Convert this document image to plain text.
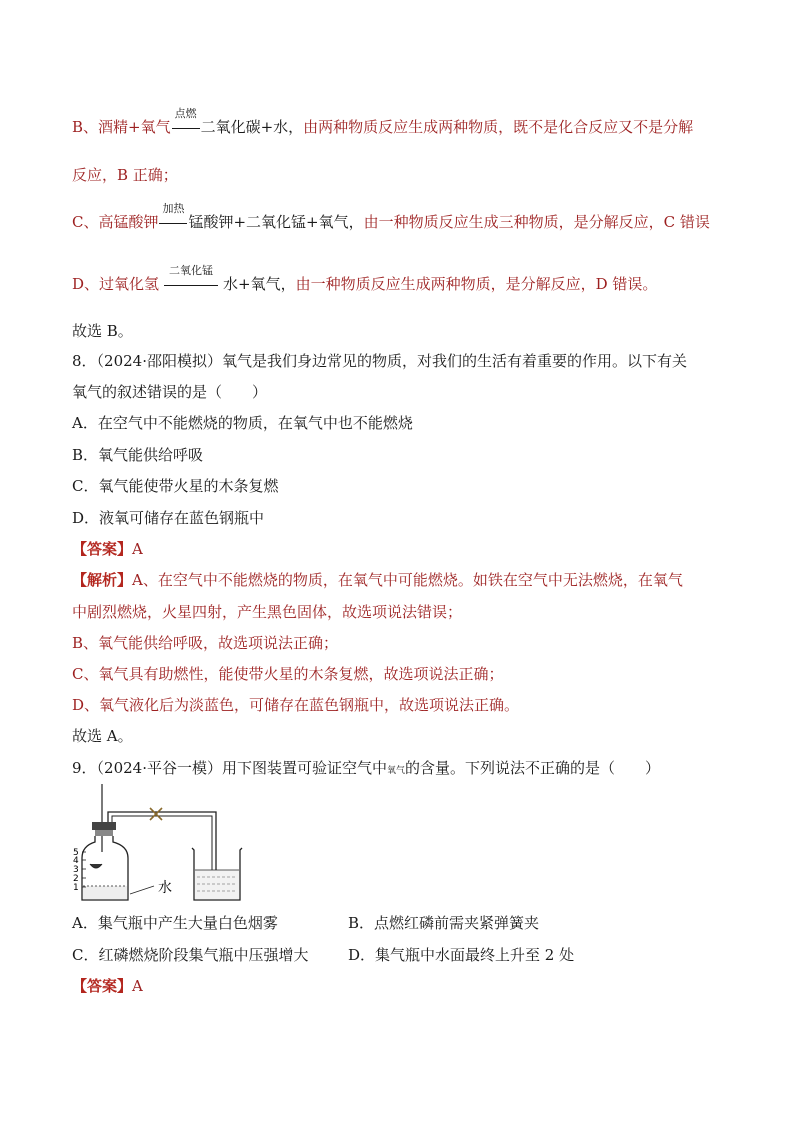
B、酒精+氧气
点燃
二氧化碳+水，由两种物质反应生成两种物质，既不是化合反应又不是分解
反应，B 正确；
C、高锰酸钾
加热
锰酸钾+二氧化锰+氧气，由一种物质反应生成三种物质，是分解反应，C 错误
D、过氧化氢
二氧化锰
水+氧气，由一种物质反应生成两种物质，是分解反应，D 错误。
故选 B。
8．（2024·邵阳模拟）氧气是我们身边常见的物质，对我们的生活有着重要的作用。以下有关
氧气的叙述错误的是（　　）
A．在空气中不能燃烧的物质，在氧气中也不能燃烧
B．氧气能供给呼吸
C．氧气能使带火星的木条复燃
D．液氧可储存在蓝色钢瓶中
【答案】A
【解析】A、在空气中不能燃烧的物质，在氧气中可能燃烧。如铁在空气中无法燃烧，在氧气
中剧烈燃烧，火星四射，产生黑色固体，故选项说法错误；
B、氧气能供给呼吸，故选项说法正确；
C、氧气具有助燃性，能使带火星的木条复燃，故选项说法正确；
D、氧气液化后为淡蓝色，可储存在蓝色钢瓶中，故选项说法正确。
故选 A。
9．（2024·平谷一模）用下图装置可验证空气中氧气的含量。下列说法不正确的是（　　）
5
4
3
2
1	水
A．集气瓶中产生大量白色烟雾	B．点燃红磷前需夹紧弹簧夹
C．红磷燃烧阶段集气瓶中压强增大	D．集气瓶中水面最终上升至 2 处
【答案】A
